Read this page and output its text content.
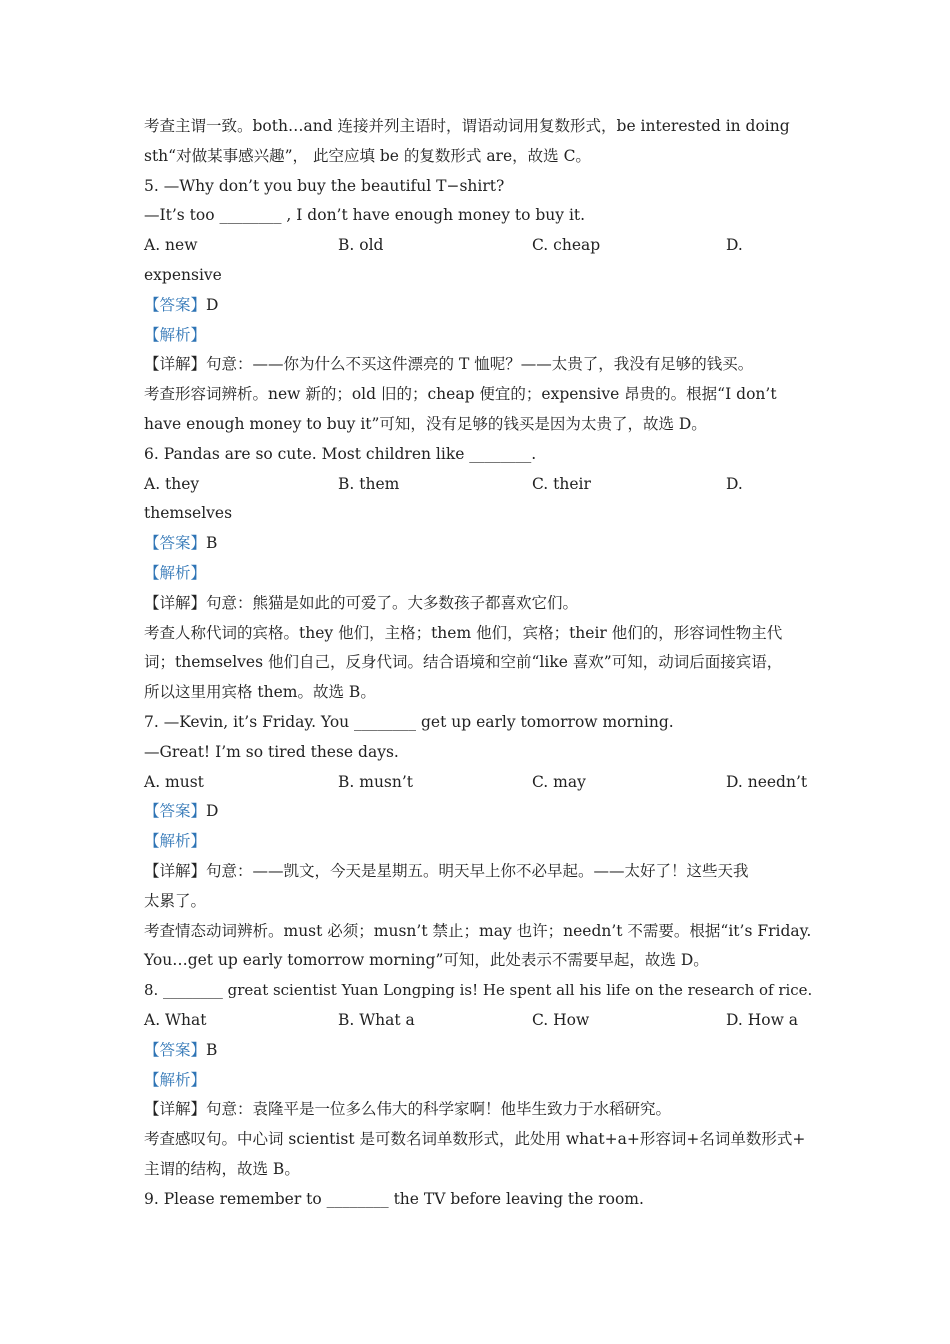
考查主谓一致。both…and 连接并列主语时，谓语动词用复数形式，be interested in doing
sth“对做某事感兴趣”， 此空应填 be 的复数形式 are，故选 C。
5. —Why don’t you buy the beautiful T−shirt?
—It’s too ________ , I don’t have enough money to buy it.
A. new	B. old	C. cheap	D.
expensive
【答案】D
【解析】
【详解】句意：——你为什么不买这件漂亮的 T 恤呢？——太贵了，我没有足够的钱买。
考查形容词辨析。new 新的；old 旧的；cheap 便宜的；expensive 昂贵的。根据“I don’t
have enough money to buy it”可知，没有足够的钱买是因为太贵了，故选 D。
6. Pandas are so cute. Most children like ________.
A. they	B. them	C. their	D.
themselves
【答案】B
【解析】
【详解】句意：熊猫是如此的可爱了。大多数孩子都喜欢它们。
考查人称代词的宾格。they 他们，主格；them 他们，宾格；their 他们的，形容词性物主代
词；themselves 他们自己，反身代词。结合语境和空前“like 喜欢”可知，动词后面接宾语，
所以这里用宾格 them。故选 B。
7. —Kevin, it’s Friday. You ________ get up early tomorrow morning.
—Great! I’m so tired these days.
A. must	B. musn’t	C. may	D. needn’t
【答案】D
【解析】
【详解】句意：——凯文，今天是星期五。明天早上你不必早起。——太好了！这些天我
太累了。
考查情态动词辨析。must 必须；musn’t 禁止；may 也许；needn’t 不需要。根据“it’s Friday.
You…get up early tomorrow morning”可知，此处表示不需要早起，故选 D。
8. ________ great scientist Yuan Longping is! He spent all his life on the research of rice.
A. What	B. What a	C. How	D. How a
【答案】B
【解析】
【详解】句意：袁隆平是一位多么伟大的科学家啊！他毕生致力于水稻研究。
考查感叹句。中心词 scientist 是可数名词单数形式，此处用 what+a+形容词+名词单数形式+
主谓的结构，故选 B。
9. Please remember to ________ the TV before leaving the room.
